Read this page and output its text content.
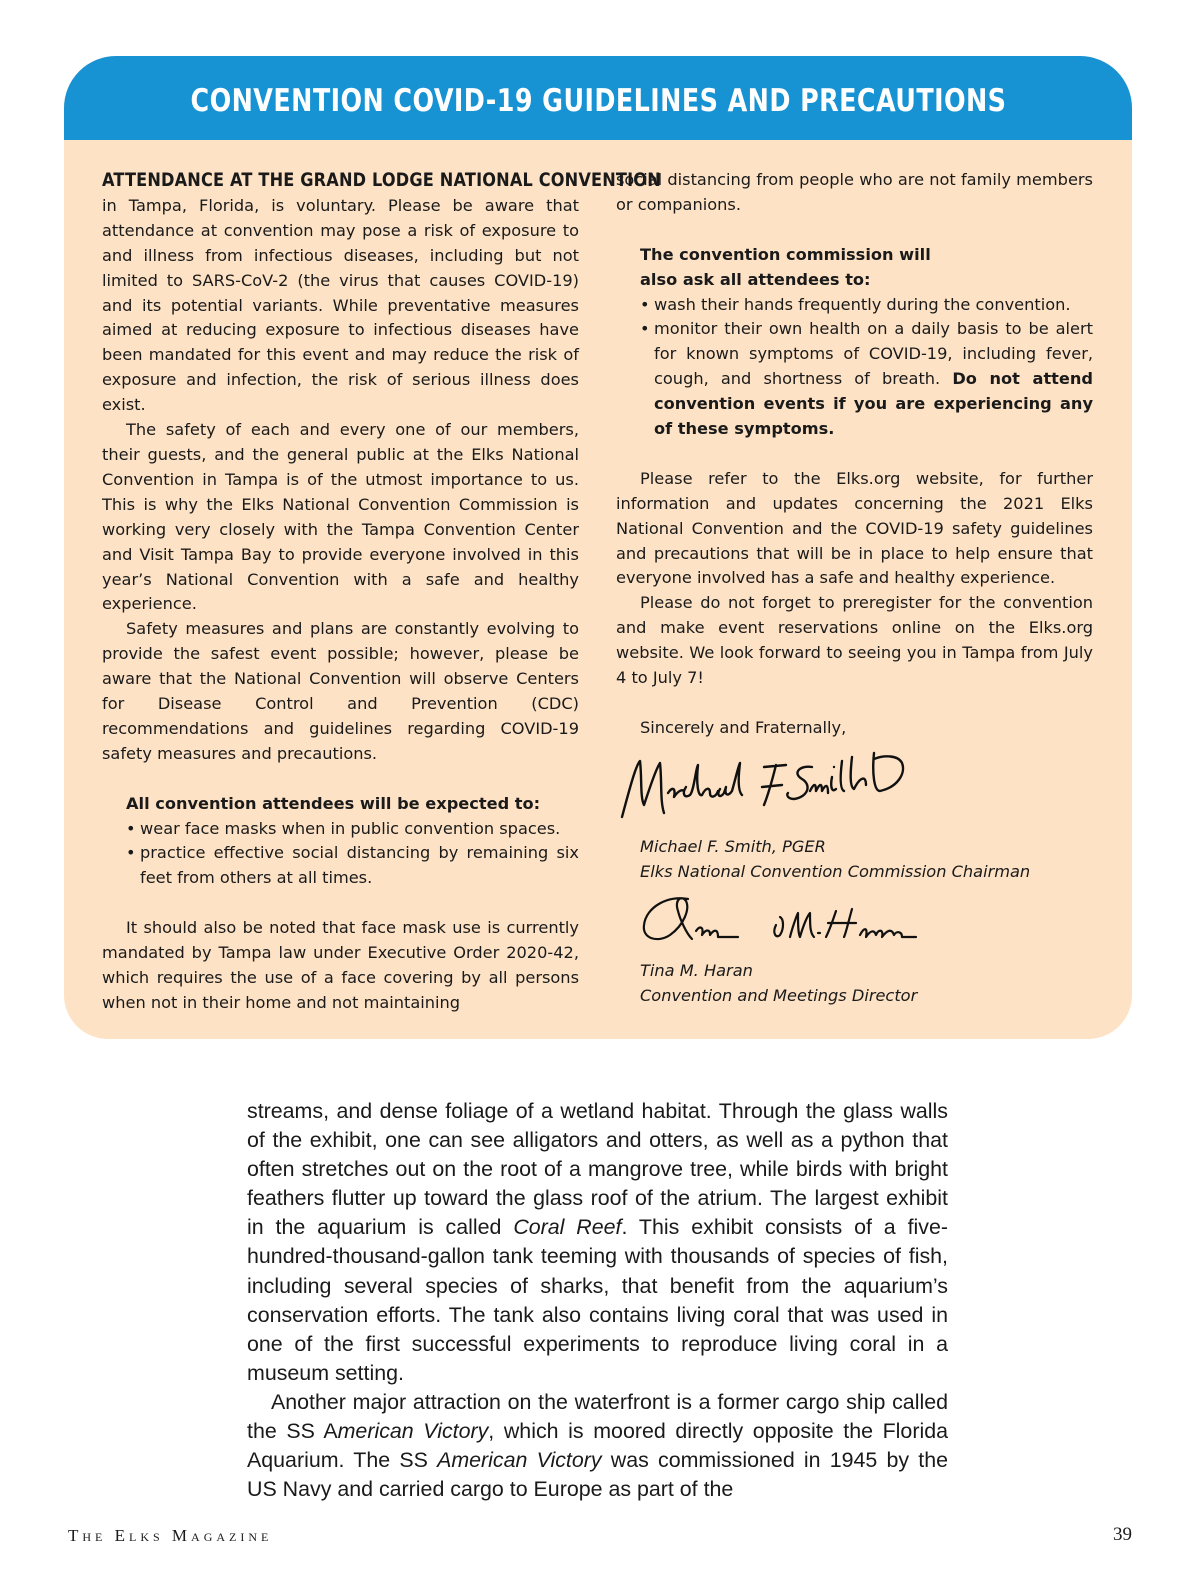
CONVENTION COVID-19 GUIDELINES AND PRECAUTIONS

ATTENDANCE AT THE GRAND LODGE NATIONAL CONVENTION
in Tampa, Florida, is voluntary. Please be aware that attendance at convention may pose a risk of exposure to and illness from infectious diseases, including but not limited to SARS-CoV-2 (the virus that causes COVID-19) and its potential variants. While preventative measures aimed at reducing exposure to infectious diseases have been mandated for this event and may reduce the risk of exposure and infection, the risk of serious illness does exist.

The safety of each and every one of our members, their guests, and the general public at the Elks National Convention in Tampa is of the utmost importance to us. This is why the Elks National Convention Commission is working very closely with the Tampa Convention Center and Visit Tampa Bay to provide everyone involved in this year’s National Convention with a safe and healthy experience.

Safety measures and plans are constantly evolving to provide the safest event possible; however, please be aware that the National Convention will observe Centers for Disease Control and Prevention (CDC) recommendations and guidelines regarding COVID-19 safety measures and precautions.

All convention attendees will be expected to:

• wear face masks when in public convention spaces.
• practice effective social distancing by remaining six feet from others at all times.

It should also be noted that face mask use is currently mandated by Tampa law under Executive Order 2020-42, which requires the use of a face covering by all persons when not in their home and not maintaining

social distancing from people who are not family members or companions.

The convention commission will

also ask all attendees to:

• wash their hands frequently during the convention.
• monitor their own health on a daily basis to be alert for known symptoms of COVID-19, including fever, cough, and shortness of breath. Do not attend convention events if you are experiencing any of these symptoms.

Please refer to the Elks.org website, for further information and updates concerning the 2021 Elks National Convention and the COVID-19 safety guidelines and precautions that will be in place to help ensure that everyone involved has a safe and healthy experience.

Please do not forget to preregister for the convention and make event reservations online on the Elks.org website. We look forward to seeing you in Tampa from July 4 to July 7!

Sincerely and Fraternally,

Michael F. Smith, PGER

Elks National Convention Commission Chairman

Tina M. Haran

Convention and Meetings Director

streams, and dense foliage of a wetland habitat. Through the glass walls of the exhibit, one can see alligators and otters, as well as a python that often stretches out on the root of a mangrove tree, while birds with bright feathers flutter up toward the glass roof of the atrium. The largest exhibit in the aquarium is called Coral Reef. This exhibit consists of a five-hundred-thousand-gallon tank teeming with thousands of species of fish, including several species of sharks, that benefit from the aquarium’s conservation efforts. The tank also contains living coral that was used in one of the first successful experiments to reproduce living coral in a museum setting.

Another major attraction on the waterfront is a former cargo ship called the SS American Victory, which is moored directly opposite the Florida Aquarium. The SS American Victory was commissioned in 1945 by the US Navy and carried cargo to Europe as part of the

The Elks Magazine	39
